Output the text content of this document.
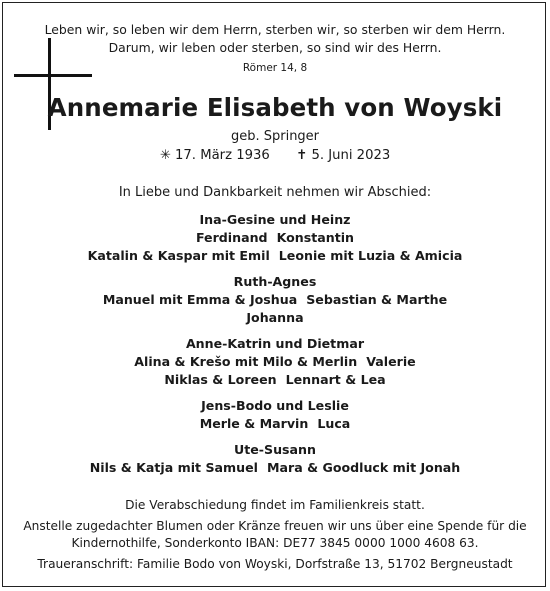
Leben wir, so leben wir dem Herrn, sterben wir, so sterben wir dem Herrn.
Darum, wir leben oder sterben, so sind wir des Herrn.
Römer 14, 8
Annemarie Elisabeth von Woyski
geb. Springer
✳ 17. März 1936 ✝ 5. Juni 2023
In Liebe und Dankbarkeit nehmen wir Abschied:
Ina-Gesine und Heinz
Ferdinand Konstantin
Katalin & Kaspar mit Emil Leonie mit Luzia & Amicia
Ruth-Agnes
Manuel mit Emma & Joshua Sebastian & Marthe
Johanna
Anne-Katrin und Dietmar
Alina & Krešo mit Milo & Merlin Valerie
Niklas & Loreen Lennart & Lea
Jens-Bodo und Leslie
Merle & Marvin Luca
Ute-Susann
Nils & Katja mit Samuel Mara & Goodluck mit Jonah
Die Verabschiedung findet im Familienkreis statt.
Anstelle zugedachter Blumen oder Kränze freuen wir uns über eine Spende für die
Kindernothilfe, Sonderkonto IBAN: DE77 3845 0000 1000 4608 63.
Traueranschrift: Familie Bodo von Woyski, Dorfstraße 13, 51702 Bergneustadt
